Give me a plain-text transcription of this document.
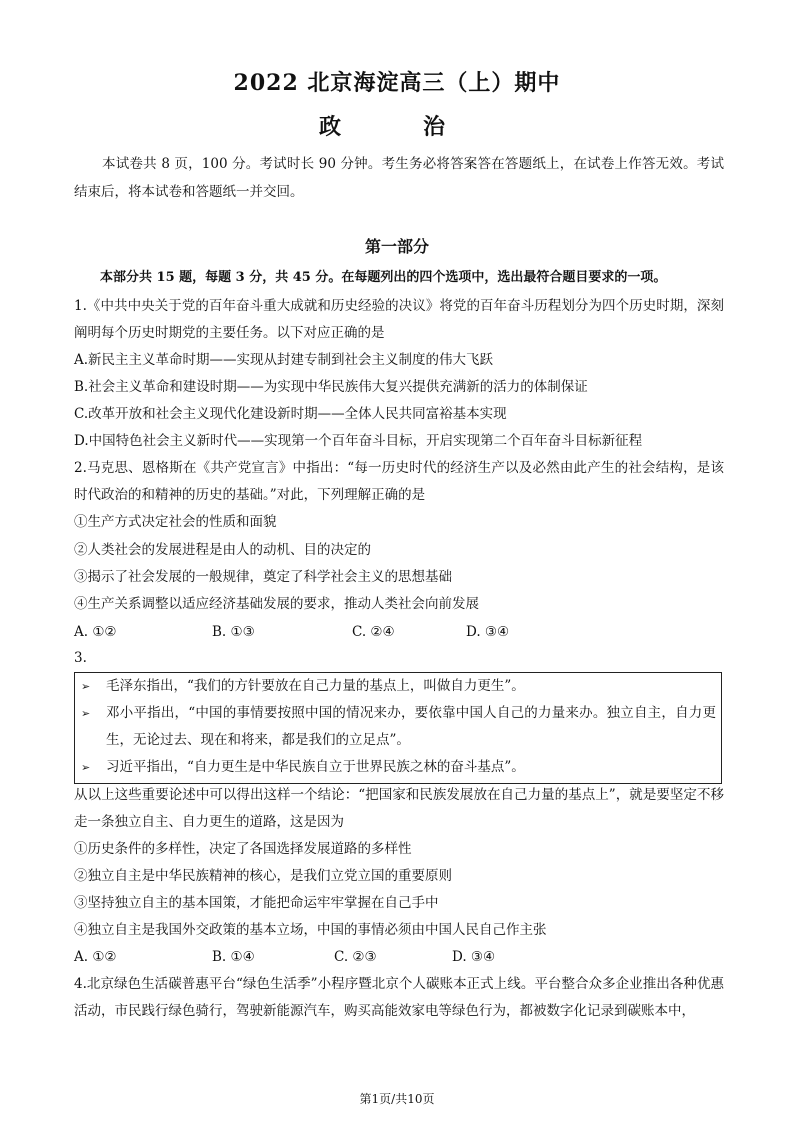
2022 北京海淀高三（上）期中
政　治
本试卷共 8 页，100 分。考试时长 90 分钟。考生务必将答案答在答题纸上，在试卷上作答无效。考试结束后，将本试卷和答题纸一并交回。
第一部分
本部分共 15 题，每题 3 分，共 45 分。在每题列出的四个选项中，选出最符合题目要求的一项。
1.《中共中央关于党的百年奋斗重大成就和历史经验的决议》将党的百年奋斗历程划分为四个历史时期，深刻阐明每个历史时期党的主要任务。以下对应正确的是
A.新民主主义革命时期——实现从封建专制到社会主义制度的伟大飞跃
B.社会主义革命和建设时期——为实现中华民族伟大复兴提供充满新的活力的体制保证
C.改革开放和社会主义现代化建设新时期——全体人民共同富裕基本实现
D.中国特色社会主义新时代——实现第一个百年奋斗目标，开启实现第二个百年奋斗目标新征程
2.马克思、恩格斯在《共产党宣言》中指出：“每一历史时代的经济生产以及必然由此产生的社会结构，是该时代政治的和精神的历史的基础。”对此，下列理解正确的是
①生产方式决定社会的性质和面貌
②人类社会的发展进程是由人的动机、目的决定的
③揭示了社会发展的一般规律，奠定了科学社会主义的思想基础
④生产关系调整以适应经济基础发展的要求，推动人类社会向前发展
A. ①②	B. ①③	C. ②④	D. ③④
3.
➢	毛泽东指出，“我们的方针要放在自己力量的基点上，叫做自力更生”。
➢	邓小平指出，“中国的事情要按照中国的情况来办，要依靠中国人自己的力量来办。独立自主，自力更生，无论过去、现在和将来，都是我们的立足点”。
➢	习近平指出，“自力更生是中华民族自立于世界民族之林的奋斗基点”。
从以上这些重要论述中可以得出这样一个结论：“把国家和民族发展放在自己力量的基点上”，就是要坚定不移走一条独立自主、自力更生的道路，这是因为
①历史条件的多样性，决定了各国选择发展道路的多样性
②独立自主是中华民族精神的核心，是我们立党立国的重要原则
③坚持独立自主的基本国策，才能把命运牢牢掌握在自己手中
④独立自主是我国外交政策的基本立场，中国的事情必须由中国人民自己作主张
A. ①②	B. ①④	C. ②③	D. ③④
4.北京绿色生活碳普惠平台“绿色生活季”小程序暨北京个人碳账本正式上线。平台整合众多企业推出各种优惠活动，市民践行绿色骑行，驾驶新能源汽车，购买高能效家电等绿色行为，都被数字化记录到碳账本中，
第1页/共10页
